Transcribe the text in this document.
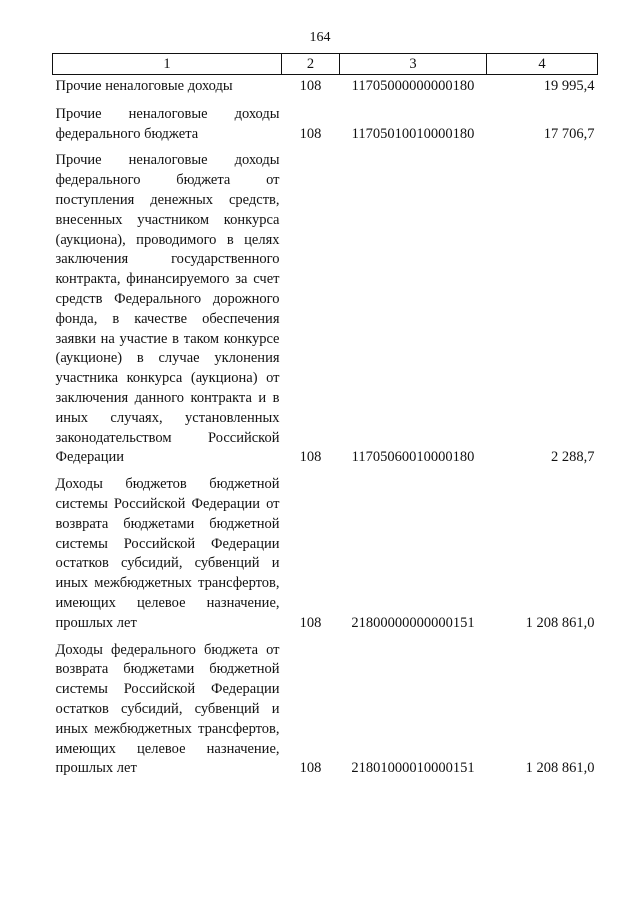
164
1	2	3	4
Прочие неналоговые доходы	108	11705000000000180	19 995,4
Прочие неналоговые доходы федерального бюджета	108	11705010010000180	17 706,7
Прочие неналоговые доходы федерального бюджета от поступления денежных средств, внесенных участником конкурса (аукциона), проводимого в целях заключения государственного контракта, финансируемого за счет средств Федерального дорожного фонда, в качестве обеспечения заявки на участие в таком конкурсе (аукционе) в случае уклонения участника конкурса (аукциона) от заключения данного контракта и в иных случаях, установленных законодательством Российской Федерации	108	11705060010000180	2 288,7
Доходы бюджетов бюджетной системы Российской Федерации от возврата бюджетами бюджетной системы Российской Федерации остатков субсидий, субвенций и иных межбюджетных трансфертов, имеющих целевое назначение, прошлых лет	108	21800000000000151	1 208 861,0
Доходы федерального бюджета от возврата бюджетами бюджетной системы Российской Федерации остатков субсидий, субвенций и иных межбюджетных трансфертов, имеющих целевое назначение, прошлых лет	108	21801000010000151	1 208 861,0
